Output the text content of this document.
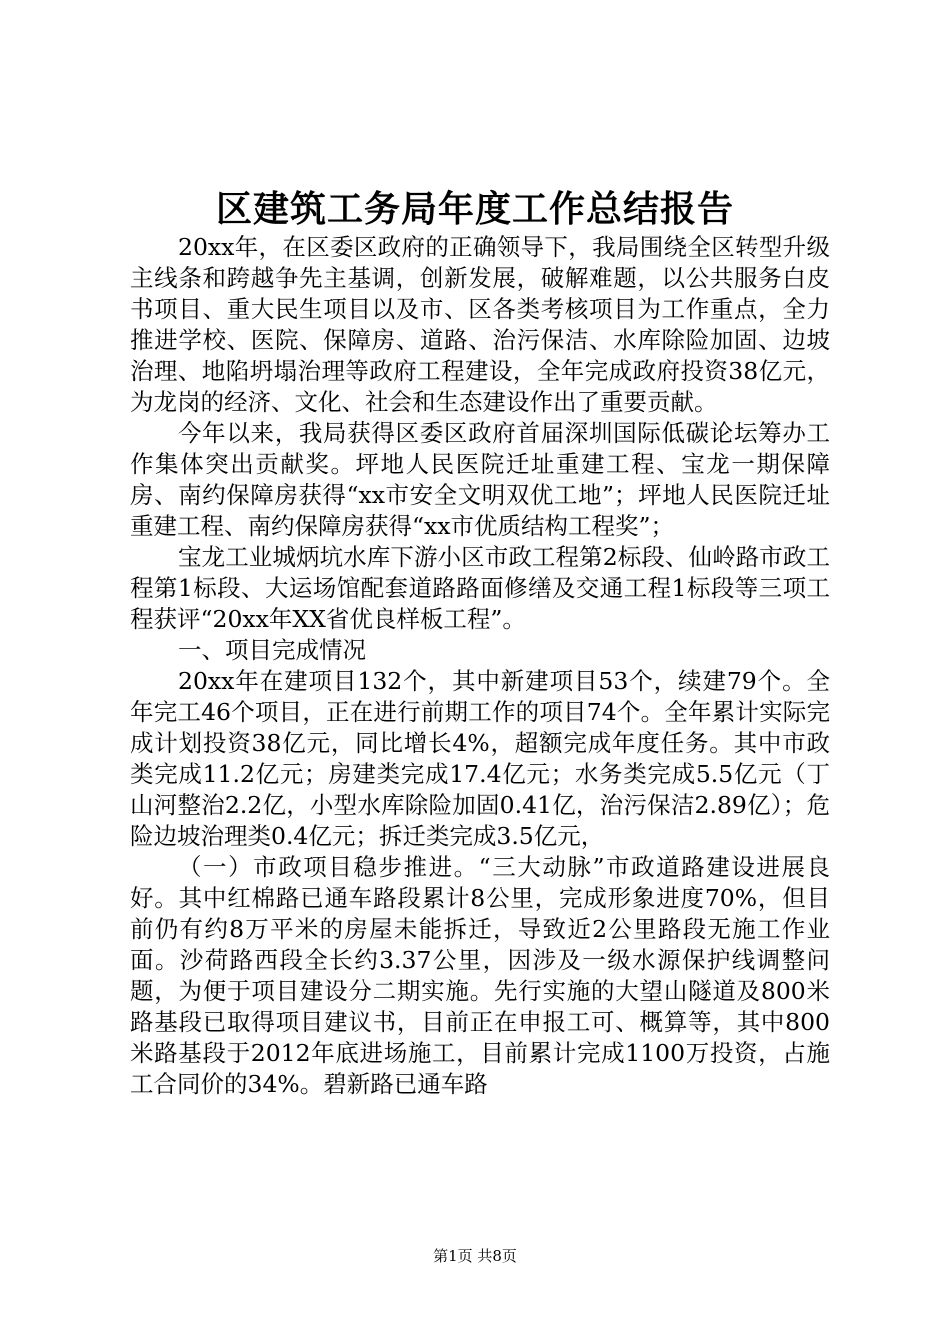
区建筑工务局年度工作总结报告

20xx年，在区委区政府的正确领导下，我局围绕全区转型升级主线条和跨越争先主基调，创新发展，破解难题，以公共服务白皮书项目、重大民生项目以及市、区各类考核项目为工作重点，全力推进学校、医院、保障房、道路、治污保洁、水库除险加固、边坡治理、地陷坍塌治理等政府工程建设，全年完成政府投资38亿元，为龙岗的经济、文化、社会和生态建设作出了重要贡献。

今年以来，我局获得区委区政府首届深圳国际低碳论坛筹办工作集体突出贡献奖。坪地人民医院迁址重建工程、宝龙一期保障房、南约保障房获得“xx市安全文明双优工地”；坪地人民医院迁址重建工程、南约保障房获得“xx市优质结构工程奖”；

宝龙工业城炳坑水库下游小区市政工程第2标段、仙岭路市政工程第1标段、大运场馆配套道路路面修缮及交通工程1标段等三项工程获评“20xx年XX省优良样板工程”。

一、项目完成情况

20xx年在建项目132个，其中新建项目53个，续建79个。全年完工46个项目，正在进行前期工作的项目74个。全年累计实际完成计划投资38亿元，同比增长4%，超额完成年度任务。其中市政类完成11.2亿元；房建类完成17.4亿元；水务类完成5.5亿元（丁山河整治2.2亿，小型水库除险加固0.41亿，治污保洁2.89亿）；危险边坡治理类0.4亿元；拆迁类完成3.5亿元，

（一）市政项目稳步推进。“三大动脉”市政道路建设进展良好。其中红棉路已通车路段累计8公里，完成形象进度70%，但目前仍有约8万平米的房屋未能拆迁，导致近2公里路段无施工作业面。沙荷路西段全长约3.37公里，因涉及一级水源保护线调整问题，为便于项目建设分二期实施。先行实施的大望山隧道及800米路基段已取得项目建议书，目前正在申报工可、概算等，其中800米路基段于2012年底进场施工，目前累计完成1100万投资，占施工合同价的34%。碧新路已通车路

第1页 共8页
